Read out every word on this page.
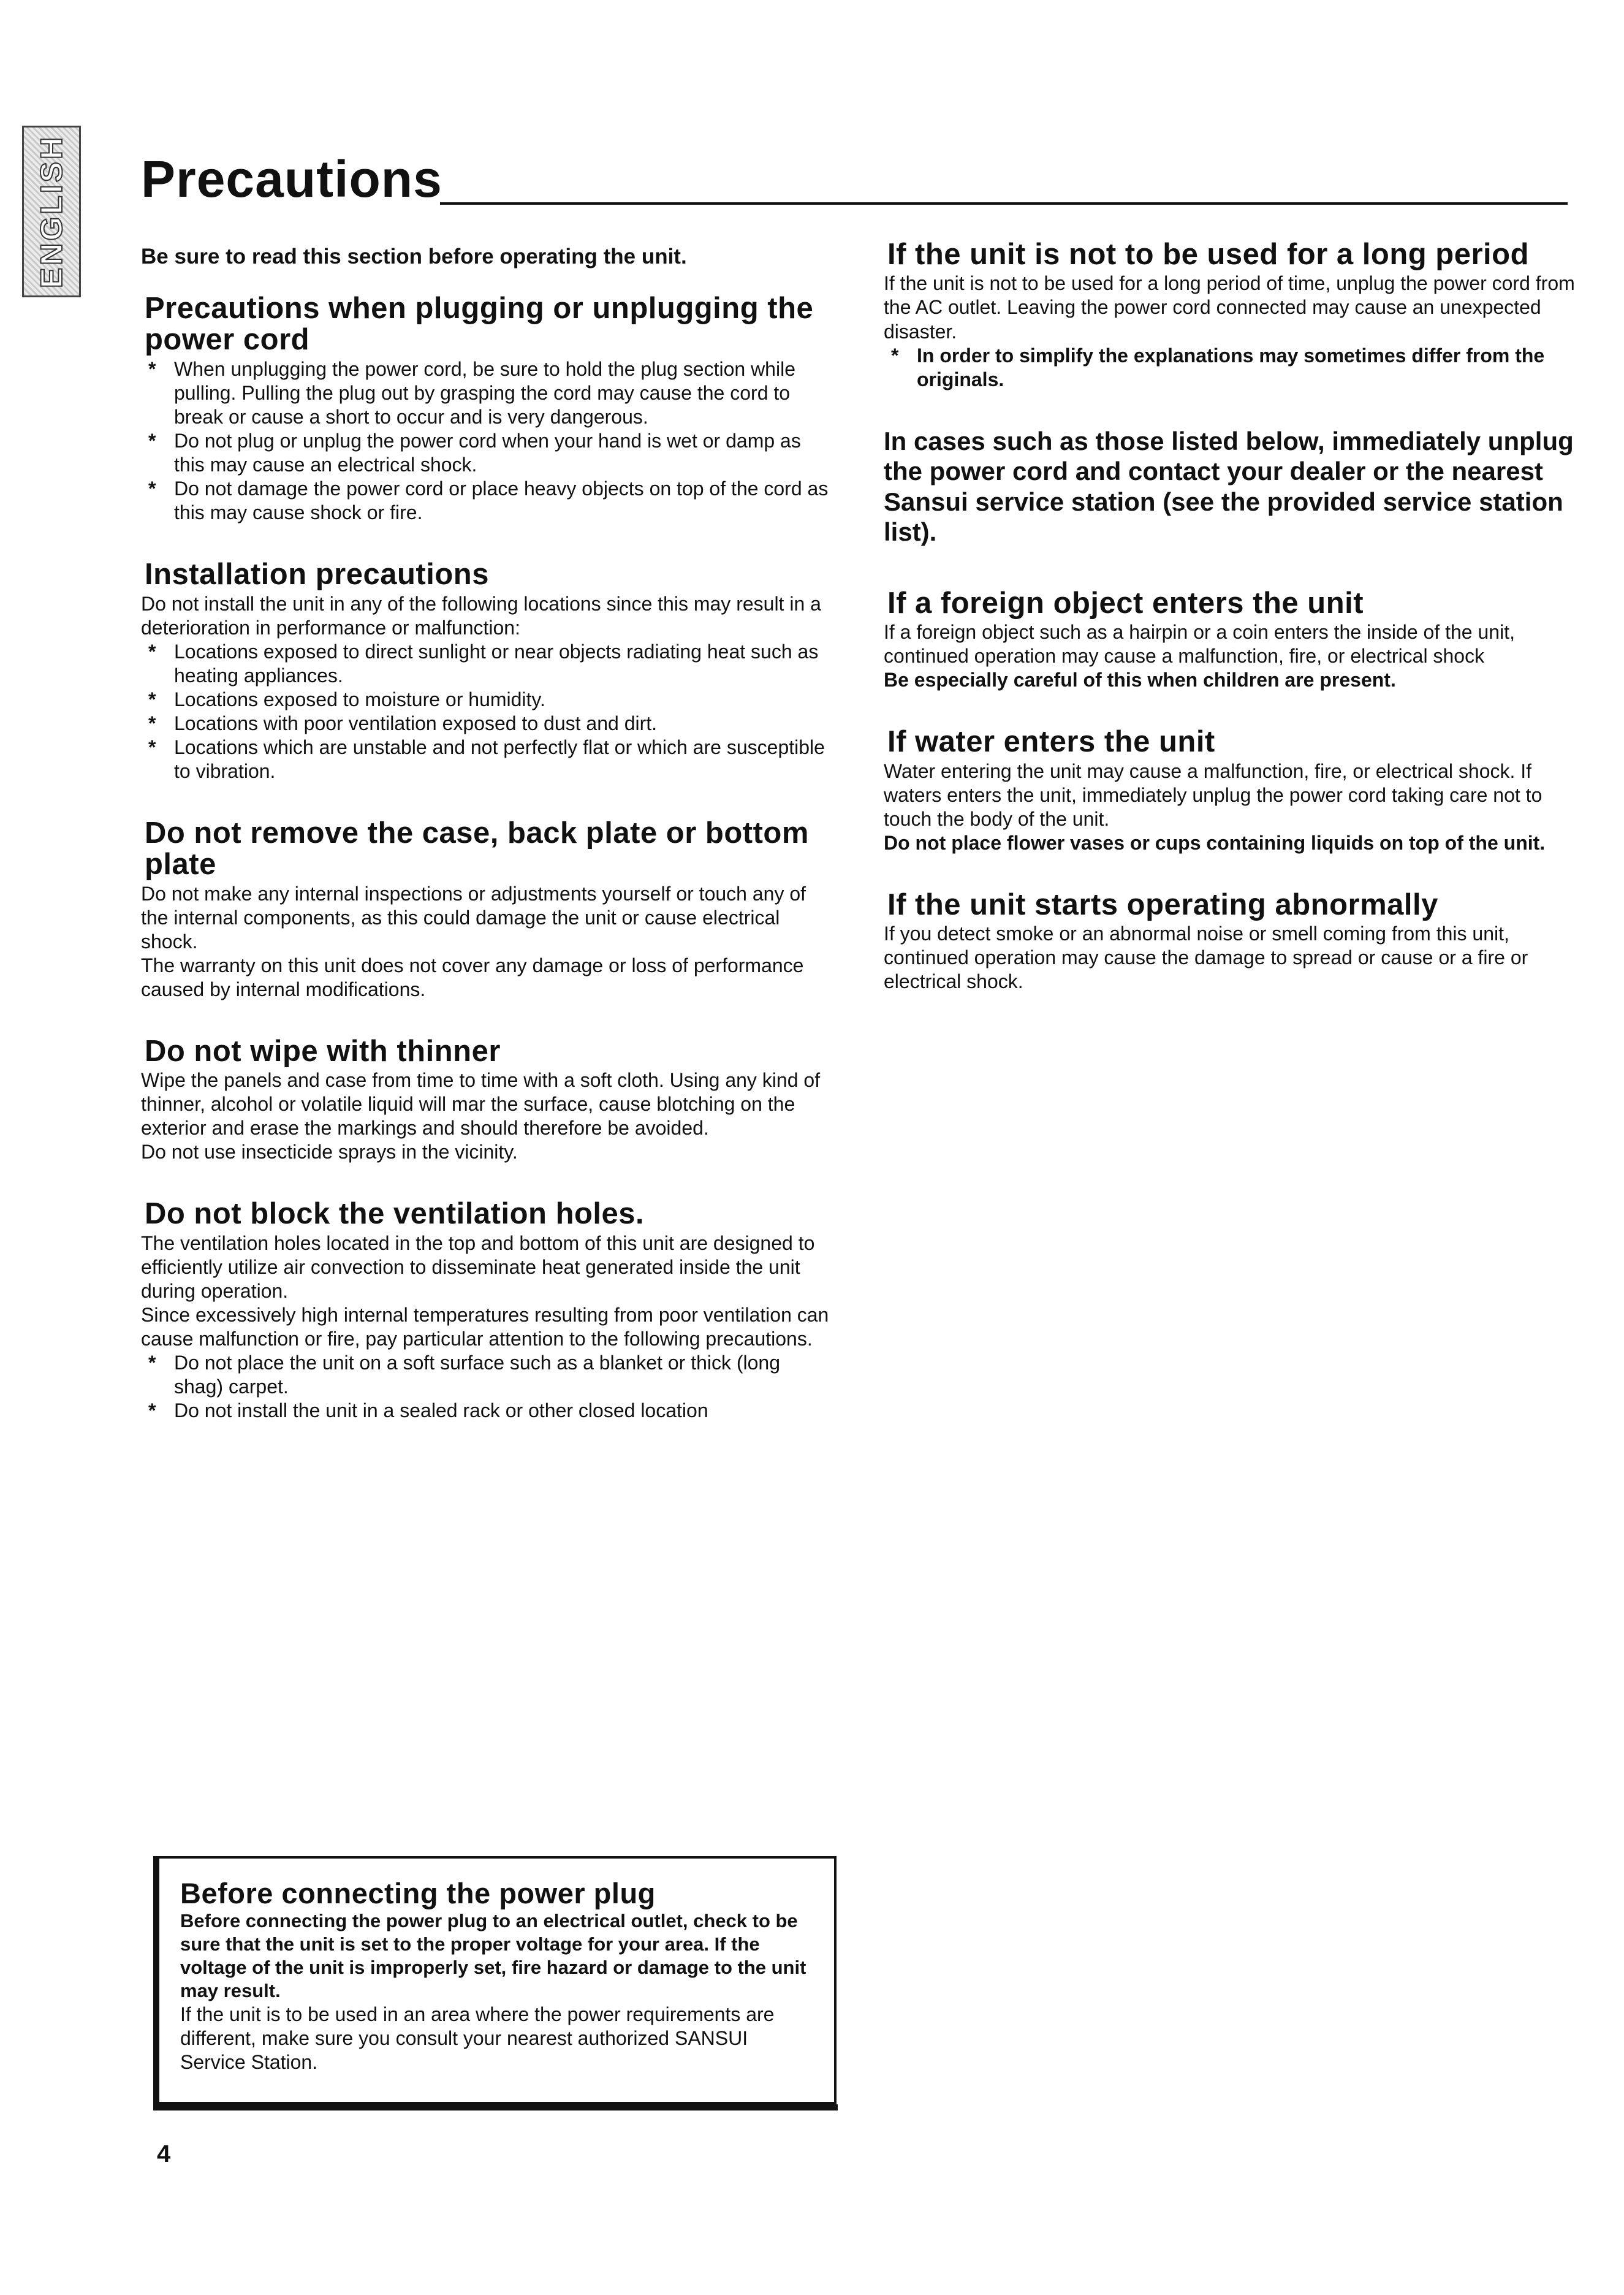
ENGLISH Precautions

Be sure to read this section before operating the unit.

Precautions when plugging or unplugging the power cord
* When unplugging the power cord, be sure to hold the plug section while pulling. Pulling the plug out by grasping the cord may cause the cord to break or cause a short to occur and is very dangerous.
* Do not plug or unplug the power cord when your hand is wet or damp as this may cause an electrical shock.
* Do not damage the power cord or place heavy objects on top of the cord as this may cause shock or fire.
Installation precautions

Do not install the unit in any of the following locations since this may result in a deterioration in performance or malfunction:

* Locations exposed to direct sunlight or near objects radiating heat such as heating appliances.
* Locations exposed to moisture or humidity.
* Locations with poor ventilation exposed to dust and dirt.
* Locations which are unstable and not perfectly flat or which are susceptible to vibration.
Do not remove the case, back plate or bottom plate

Do not make any internal inspections or adjustments yourself or touch any of the internal components, as this could damage the unit or cause electrical shock.

The warranty on this unit does not cover any damage or loss of performance caused by internal modifications.

Do not wipe with thinner

Wipe the panels and case from time to time with a soft cloth. Using any kind of thinner, alcohol or volatile liquid will mar the surface, cause blotching on the exterior and erase the markings and should therefore be avoided.

Do not use insecticide sprays in the vicinity.

Do not block the ventilation holes.

The ventilation holes located in the top and bottom of this unit are designed to efficiently utilize air convection to disseminate heat generated inside the unit during operation.

Since excessively high internal temperatures resulting from poor ventilation can cause malfunction or fire, pay particular attention to the following precautions.

* Do not place the unit on a soft surface such as a blanket or thick (long shag) carpet.
* Do not install the unit in a sealed rack or other closed location
If the unit is not to be used for a long period

If the unit is not to be used for a long period of time, unplug the power cord from the AC outlet. Leaving the power cord connected may cause an unexpected disaster.

* In order to simplify the explanations may sometimes differ from the originals.

In cases such as those listed below, immediately unplug the power cord and contact your dealer or the nearest Sansui service station (see the provided service station list).

If a foreign object enters the unit

If a foreign object such as a hairpin or a coin enters the inside of the unit, continued operation may cause a malfunction, fire, or electrical shock

Be especially careful of this when children are present.

If water enters the unit

Water entering the unit may cause a malfunction, fire, or electrical shock. If waters enters the unit, immediately unplug the power cord taking care not to touch the body of the unit.

Do not place flower vases or cups containing liquids on top of the unit.

If the unit starts operating abnormally

If you detect smoke or an abnormal noise or smell coming from this unit, continued operation may cause the damage to spread or cause or a fire or electrical shock.

Before connecting the power plug

Before connecting the power plug to an electrical outlet, check to be sure that the unit is set to the proper voltage for your area. If the voltage of the unit is improperly set, fire hazard or damage to the unit may result.

If the unit is to be used in an area where the power requirements are different, make sure you consult your nearest authorized SANSUI Service Station.

4
